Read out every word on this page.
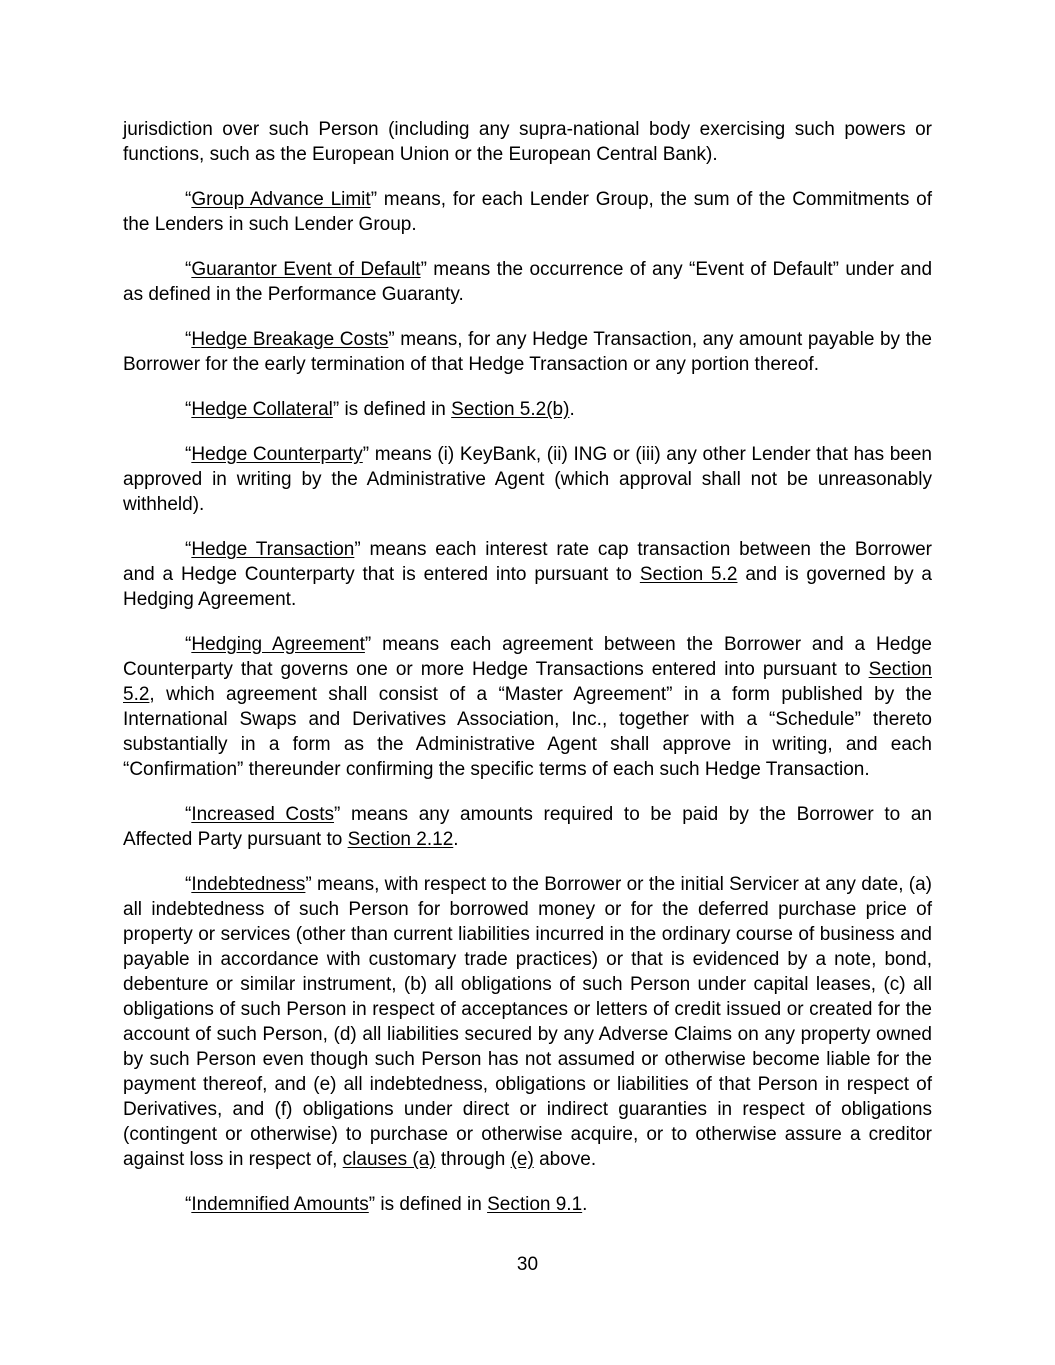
jurisdiction over such Person (including any supra-national body exercising such powers or functions, such as the European Union or the European Central Bank).

“Group Advance Limit” means, for each Lender Group, the sum of the Commitments of the Lenders in such Lender Group.

“Guarantor Event of Default” means the occurrence of any “Event of Default” under and as defined in the Performance Guaranty.

“Hedge Breakage Costs” means, for any Hedge Transaction, any amount payable by the Borrower for the early termination of that Hedge Transaction or any portion thereof.

“Hedge Collateral” is defined in Section 5.2(b).

“Hedge Counterparty” means (i) KeyBank, (ii) ING or (iii) any other Lender that has been approved in writing by the Administrative Agent (which approval shall not be unreasonably withheld).

“Hedge Transaction” means each interest rate cap transaction between the Borrower and a Hedge Counterparty that is entered into pursuant to Section 5.2 and is governed by a Hedging Agreement.

“Hedging Agreement” means each agreement between the Borrower and a Hedge Counterparty that governs one or more Hedge Transactions entered into pursuant to Section 5.2, which agreement shall consist of a “Master Agreement” in a form published by the International Swaps and Derivatives Association, Inc., together with a “Schedule” thereto substantially in a form as the Administrative Agent shall approve in writing, and each “Confirmation” thereunder confirming the specific terms of each such Hedge Transaction.

“Increased Costs” means any amounts required to be paid by the Borrower to an Affected Party pursuant to Section 2.12.

“Indebtedness” means, with respect to the Borrower or the initial Servicer at any date, (a) all indebtedness of such Person for borrowed money or for the deferred purchase price of property or services (other than current liabilities incurred in the ordinary course of business and payable in accordance with customary trade practices) or that is evidenced by a note, bond, debenture or similar instrument, (b) all obligations of such Person under capital leases, (c) all obligations of such Person in respect of acceptances or letters of credit issued or created for the account of such Person, (d) all liabilities secured by any Adverse Claims on any property owned by such Person even though such Person has not assumed or otherwise become liable for the payment thereof, and (e) all indebtedness, obligations or liabilities of that Person in respect of Derivatives, and (f) obligations under direct or indirect guaranties in respect of obligations (contingent or otherwise) to purchase or otherwise acquire, or to otherwise assure a creditor against loss in respect of, clauses (a) through (e) above.

“Indemnified Amounts” is defined in Section 9.1.

30
